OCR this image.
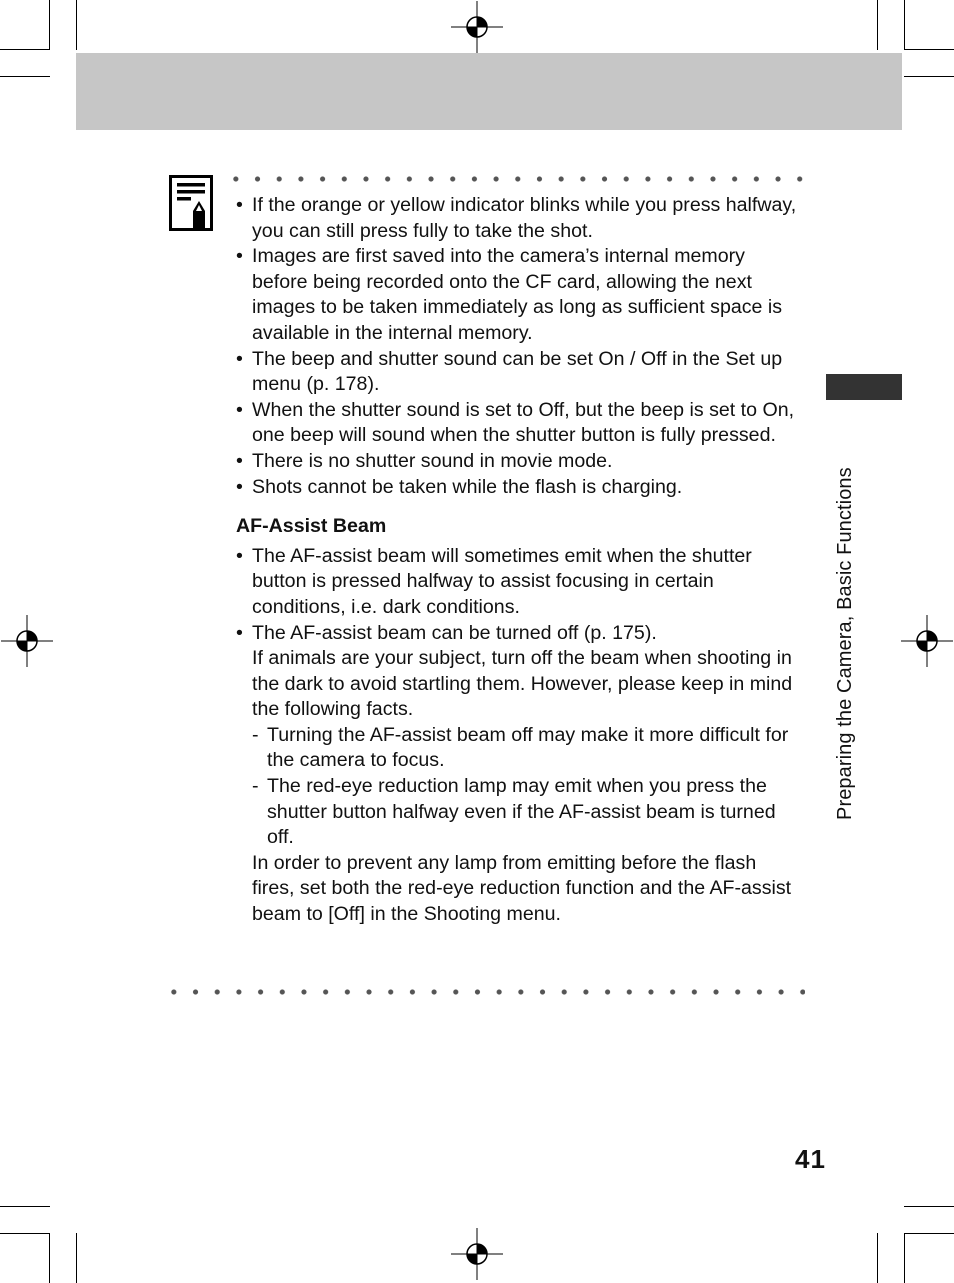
Preparing the Camera, Basic Functions
• If the orange or yellow indicator blinks while you press halfway, you can still press fully to take the shot.
• Images are first saved into the camera’s internal memory before being recorded onto the CF card, allowing the next images to be taken immediately as long as sufficient space is available in the internal memory.
• The beep and shutter sound can be set On / Off in the Set up menu (p. 178).
• When the shutter sound is set to Off, but the beep is set to On, one beep will sound when the shutter button is fully pressed.
• There is no shutter sound in movie mode.
• Shots cannot be taken while the flash is charging.
AF-Assist Beam
• The AF-assist beam will sometimes emit when the shutter button is pressed halfway to assist focusing in certain conditions, i.e. dark conditions.
• The AF-assist beam can be turned off (p. 175).

If animals are your subject, turn off the beam when shooting in the dark to avoid startling them. However, please keep in mind the following facts.

- Turning the AF-assist beam off may make it more difficult for the camera to focus.
- The red-eye reduction lamp may emit when you press the shutter button halfway even if the AF-assist beam is turned off.

In order to prevent any lamp from emitting before the flash fires, set both the red-eye reduction function and the AF-assist beam to [Off] in the Shooting menu.

41
